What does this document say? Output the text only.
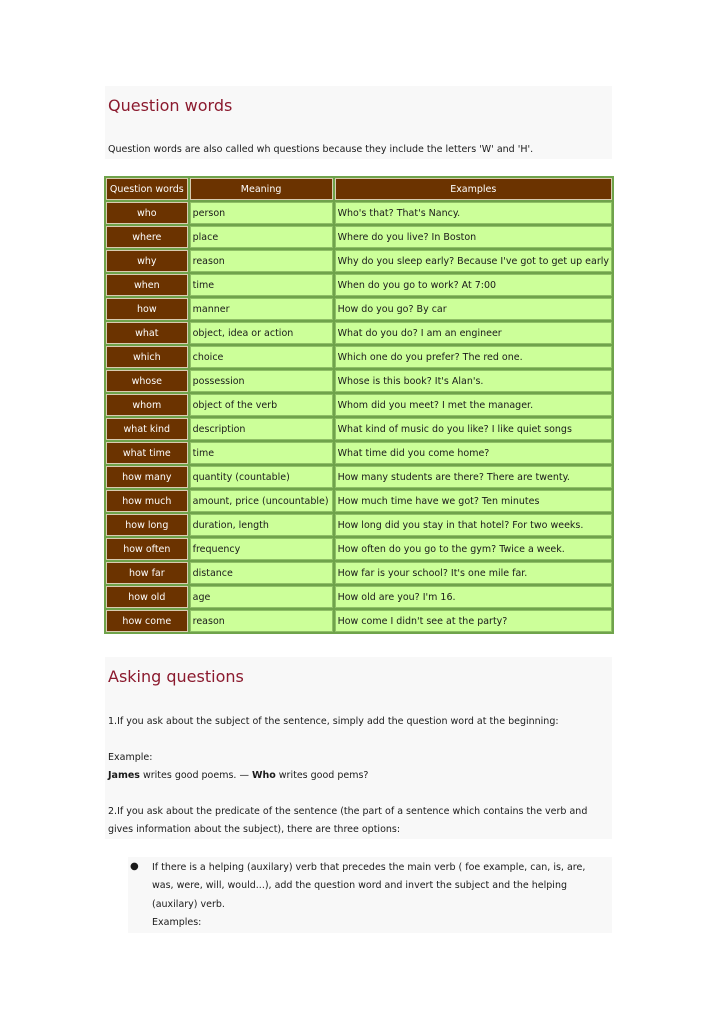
Question words

Question words are also called wh questions because they include the letters 'W' and 'H'.

Question words	Meaning	Examples
who	person	Who's that? That's Nancy.
where	place	Where do you live? In Boston
why	reason	Why do you sleep early? Because I've got to get up early
when	time	When do you go to work? At 7:00
how	manner	How do you go? By car
what	object, idea or action	What do you do? I am an engineer
which	choice	Which one do you prefer? The red one.
whose	possession	Whose is this book? It's Alan's.
whom	object of the verb	Whom did you meet? I met the manager.
what kind	description	What kind of music do you like? I like quiet songs
what time	time	What time did you come home?
how many	quantity (countable)	How many students are there? There are twenty.
how much	amount, price (uncountable)	How much time have we got? Ten minutes
how long	duration, length	How long did you stay in that hotel? For two weeks.
how often	frequency	How often do you go to the gym? Twice a week.
how far	distance	How far is your school? It's one mile far.
how old	age	How old are you? I'm 16.
how come	reason	How come I didn't see at the party?
Asking questions

1.If you ask about the subject of the sentence, simply add the question word at the beginning:

Example:

James writes good poems. — Who writes good pems?

2.If you ask about the predicate of the sentence (the part of a sentence which contains the verb and

gives information about the subject), there are three options:

● If there is a helping (auxilary) verb that precedes the main verb ( foe example, can, is, are,

was, were, will, would...), add the question word and invert the subject and the helping

(auxilary) verb.

Examples:
